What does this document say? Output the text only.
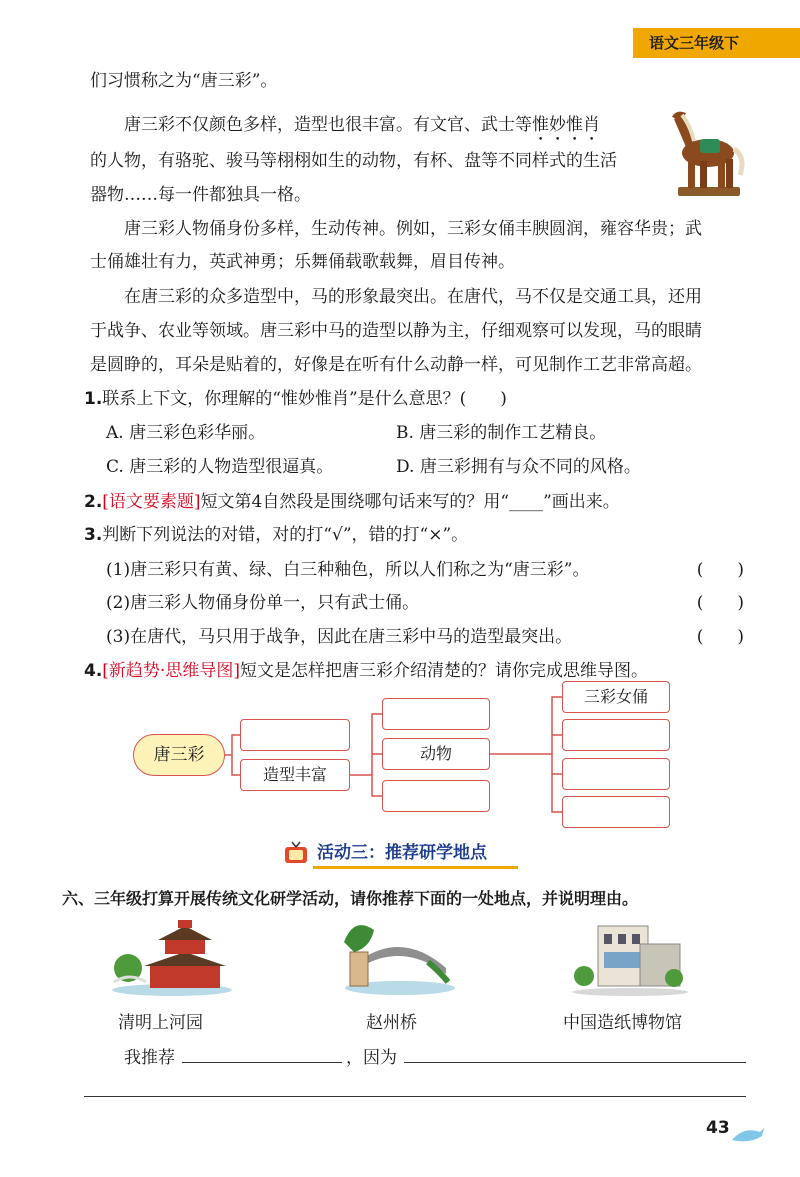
语文三年级下
们习惯称之为“唐三彩”。
唐三彩不仅颜色多样，造型也很丰富。有文官、武士等惟妙惟肖
的人物，有骆驼、骏马等栩栩如生的动物，有杯、盘等不同样式的生活
器物……每一件都独具一格。
唐三彩人物俑身份多样，生动传神。例如，三彩女俑丰腴圆润，雍容华贵；武
士俑雄壮有力，英武神勇；乐舞俑载歌载舞，眉目传神。
在唐三彩的众多造型中，马的形象最突出。在唐代，马不仅是交通工具，还用
于战争、农业等领域。唐三彩中马的造型以静为主，仔细观察可以发现，马的眼睛
是圆睁的，耳朵是贴着的，好像是在听有什么动静一样，可见制作工艺非常高超。
1.联系上下文，你理解的“惟妙惟肖”是什么意思？(　　)
A. 唐三彩色彩华丽。	B. 唐三彩的制作工艺精良。
C. 唐三彩的人物造型很逼真。	D. 唐三彩拥有与众不同的风格。
2.[语文要素题]短文第4自然段是围绕哪句话来写的？用“____”画出来。
3.判断下列说法的对错，对的打“√”，错的打“×”。
(1)唐三彩只有黄、绿、白三种釉色，所以人们称之为“唐三彩”。	(　　)
(2)唐三彩人物俑身份单一，只有武士俑。	(　　)
(3)在唐代，马只用于战争，因此在唐三彩中马的造型最突出。	(　　)
4.[新趋势·思维导图]短文是怎样把唐三彩介绍清楚的？请你完成思维导图。
唐三彩
造型丰富
动物
三彩女俑
活动三：推荐研学地点
六、三年级打算开展传统文化研学活动，请你推荐下面的一处地点，并说明理由。
清明上河园	赵州桥	中国造纸博物馆
我推荐	，因为
43
